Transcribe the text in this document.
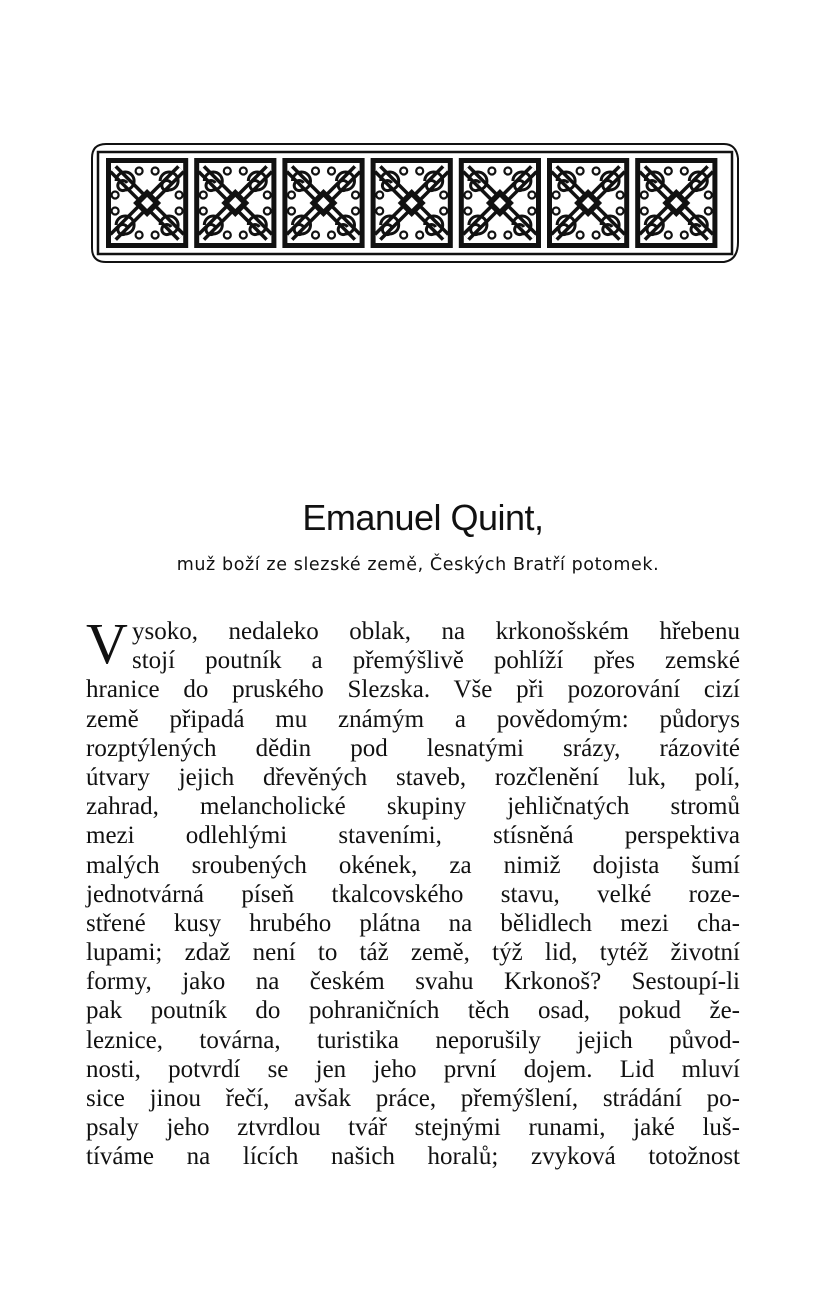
Emanuel Quint,
muž boží ze slezské země, Českých Bratří potomek.
V ysoko, nedaleko oblak, na krkonošském hřebenu
stojí poutník a přemýšlivě pohlíží přes zemské
hranice do pruského Slezska. Vše při pozorování cizí
země připadá mu známým a povědomým: půdorys
rozptýlených dědin pod lesnatými srázy, rázovité
útvary jejich dřevěných staveb, rozčlenění luk, polí,
zahrad, melancholické skupiny jehličnatých stromů
mezi odlehlými staveními, stísněná perspektiva
malých sroubených okének, za nimiž dojista šumí
jednotvárná píseň tkalcovského stavu, velké roze-
střené kusy hrubého plátna na bělidlech mezi cha-
lupami; zdaž není to táž země, týž lid, tytéž životní
formy, jako na českém svahu Krkonoš? Sestoupí-li
pak poutník do pohraničních těch osad, pokud že-
leznice, továrna, turistika neporušily jejich původ-
nosti, potvrdí se jen jeho první dojem. Lid mluví
sice jinou řečí, avšak práce, přemýšlení, strádání po-
psaly jeho ztvrdlou tvář stejnými runami, jaké luš-
tíváme na lících našich horalů; zvyková totožnost
